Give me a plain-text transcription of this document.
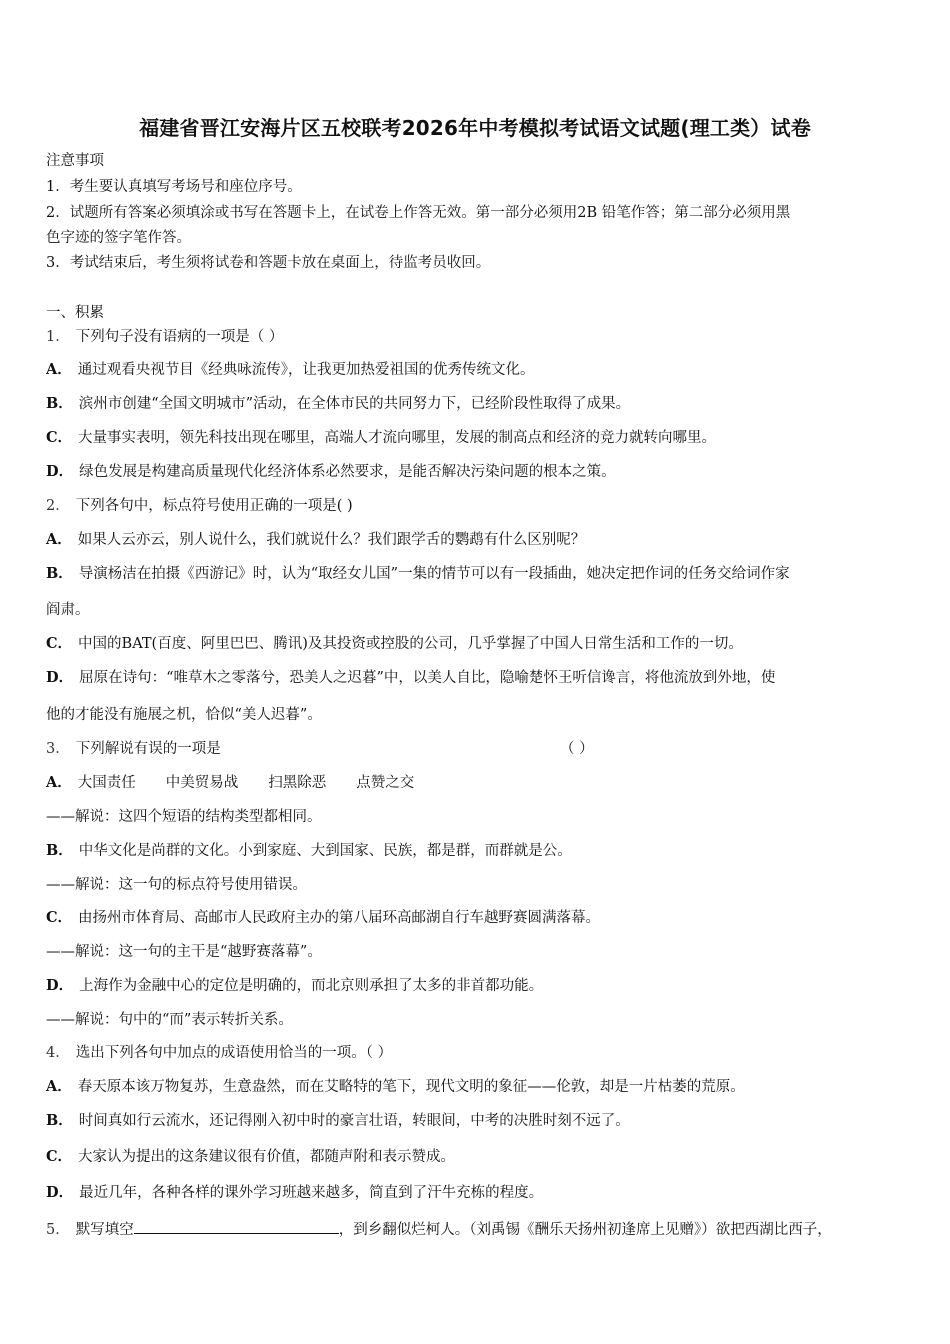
福建省晋江安海片区五校联考2026年中考模拟考试语文试题(理工类）试卷
注意事项
1．考生要认真填写考场号和座位序号。
2．试题所有答案必须填涂或书写在答题卡上，在试卷上作答无效。第一部分必须用2B 铅笔作答；第二部分必须用黑
色字迹的签字笔作答。
3．考试结束后，考生须将试卷和答题卡放在桌面上，待监考员收回。
一、积累
1． 下列句子没有语病的一项是（ ）
A． 通过观看央视节目《经典咏流传》，让我更加热爱祖国的优秀传统文化。
B． 滨州市创建“全国文明城市”活动，在全体市民的共同努力下，已经阶段性取得了成果。
C． 大量事实表明，领先科技出现在哪里，高端人才流向哪里，发展的制高点和经济的竞力就转向哪里。
D． 绿色发展是构建高质量现代化经济体系必然要求，是能否解决污染问题的根本之策。
2． 下列各句中，标点符号使用正确的一项是( )
A． 如果人云亦云，别人说什么，我们就说什么？我们跟学舌的鹦鹉有什么区别呢？
B． 导演杨洁在拍摄《西游记》时，认为“取经女儿国”一集的情节可以有一段插曲，她决定把作词的任务交给词作家
阎肃。
C． 中国的BAT(百度、阿里巴巴、腾讯)及其投资或控股的公司，几乎掌握了中国人日常生活和工作的一切。
D． 屈原在诗句：“唯草木之零落兮，恐美人之迟暮”中，以美人自比，隐喻楚怀王听信谗言，将他流放到外地，使
他的才能没有施展之机，恰似“美人迟暮”。
3． 下列解说有误的一项是	（ ）
A． 大国责任 中美贸易战 扫黑除恶 点赞之交
——解说：这四个短语的结构类型都相同。
B． 中华文化是尚群的文化。小到家庭、大到国家、民族，都是群，而群就是公。
——解说：这一句的标点符号使用错误。
C． 由扬州市体育局、高邮市人民政府主办的第八届环高邮湖自行车越野赛圆满落幕。
——解说：这一句的主干是“越野赛落幕”。
D． 上海作为金融中心的定位是明确的，而北京则承担了太多的非首都功能。
——解说：句中的“而”表示转折关系。
4． 选出下列各句中加点的成语使用恰当的一项。（ ）
A． 春天原本该万物复苏，生意盎然，而在艾略特的笔下，现代文明的象征——伦敦，却是一片枯萎的荒原。
B． 时间真如行云流水，还记得刚入初中时的豪言壮语，转眼间，中考的决胜时刻不远了。
C． 大家认为提出的这条建议很有价值，都随声附和表示赞成。
D． 最近几年，各种各样的课外学习班越来越多，简直到了汗牛充栋的程度。
5． 默写填空	，到乡翻似烂柯人。（刘禹锡《酬乐天扬州初逢席上见赠》）欲把西湖比西子，
